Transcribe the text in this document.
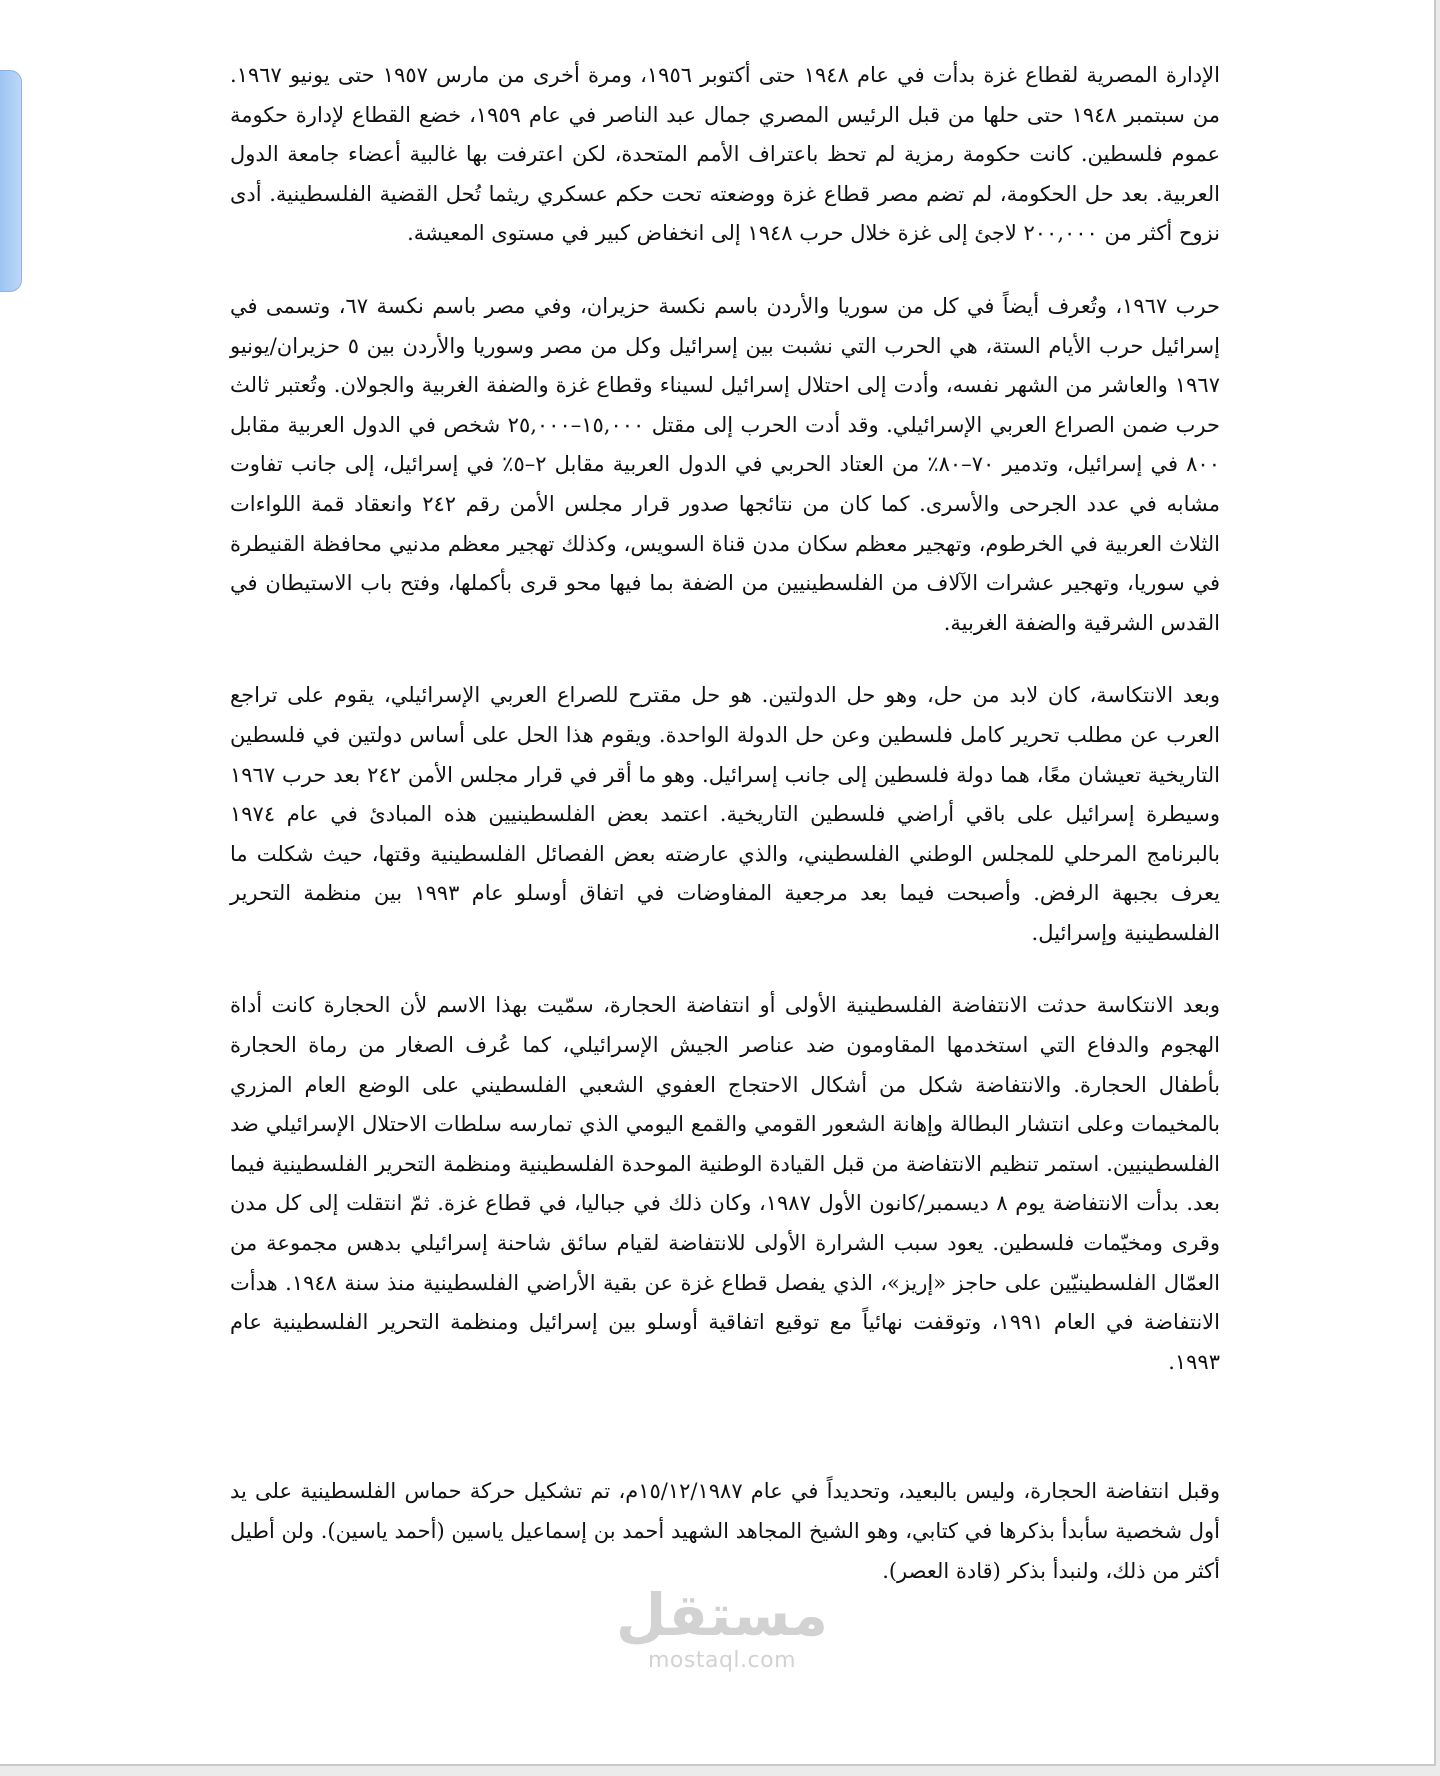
الإدارة المصرية لقطاع غزة بدأت في عام ١٩٤٨ حتى أكتوبر ١٩٥٦، ومرة أخرى من مارس ١٩٥٧ حتى يونيو ١٩٦٧. من سبتمبر ١٩٤٨ حتى حلها من قبل الرئيس المصري جمال عبد الناصر في عام ١٩٥٩، خضع القطاع لإدارة حكومة عموم فلسطين. كانت حكومة رمزية لم تحظ باعتراف الأمم المتحدة، لكن اعترفت بها غالبية أعضاء جامعة الدول العربية. بعد حل الحكومة، لم تضم مصر قطاع غزة ووضعته تحت حكم عسكري ريثما تُحل القضية الفلسطينية. أدى نزوح أكثر من ٢٠٠,٠٠٠ لاجئ إلى غزة خلال حرب ١٩٤٨ إلى انخفاض كبير في مستوى المعيشة.

حرب ١٩٦٧، وتُعرف أيضاً في كل من سوريا والأردن باسم نكسة حزيران، وفي مصر باسم نكسة ٦٧، وتسمى في إسرائيل حرب الأيام الستة، هي الحرب التي نشبت بين إسرائيل وكل من مصر وسوريا والأردن بين ٥ حزيران/يونيو ١٩٦٧ والعاشر من الشهر نفسه، وأدت إلى احتلال إسرائيل لسيناء وقطاع غزة والضفة الغربية والجولان. وتُعتبر ثالث حرب ضمن الصراع العربي الإسرائيلي. وقد أدت الحرب إلى مقتل ١٥,٠٠٠–٢٥,٠٠٠ شخص في الدول العربية مقابل ٨٠٠ في إسرائيل، وتدمير ٧٠–٨٠٪ من العتاد الحربي في الدول العربية مقابل ٢–٥٪ في إسرائيل، إلى جانب تفاوت مشابه في عدد الجرحى والأسرى. كما كان من نتائجها صدور قرار مجلس الأمن رقم ٢٤٢ وانعقاد قمة اللواءات الثلاث العربية في الخرطوم، وتهجير معظم سكان مدن قناة السويس، وكذلك تهجير معظم مدنيي محافظة القنيطرة في سوريا، وتهجير عشرات الآلاف من الفلسطينيين من الضفة بما فيها محو قرى بأكملها، وفتح باب الاستيطان في القدس الشرقية والضفة الغربية.

وبعد الانتكاسة، كان لابد من حل، وهو حل الدولتين. هو حل مقترح للصراع العربي الإسرائيلي، يقوم على تراجع العرب عن مطلب تحرير كامل فلسطين وعن حل الدولة الواحدة. ويقوم هذا الحل على أساس دولتين في فلسطين التاريخية تعيشان معًا، هما دولة فلسطين إلى جانب إسرائيل. وهو ما أقر في قرار مجلس الأمن ٢٤٢ بعد حرب ١٩٦٧ وسيطرة إسرائيل على باقي أراضي فلسطين التاريخية. اعتمد بعض الفلسطينيين هذه المبادئ في عام ١٩٧٤ بالبرنامج المرحلي للمجلس الوطني الفلسطيني، والذي عارضته بعض الفصائل الفلسطينية وقتها، حيث شكلت ما يعرف بجبهة الرفض. وأصبحت فيما بعد مرجعية المفاوضات في اتفاق أوسلو عام ١٩٩٣ بين منظمة التحرير الفلسطينية وإسرائيل.

وبعد الانتكاسة حدثت الانتفاضة الفلسطينية الأولى أو انتفاضة الحجارة، سمّيت بهذا الاسم لأن الحجارة كانت أداة الهجوم والدفاع التي استخدمها المقاومون ضد عناصر الجيش الإسرائيلي، كما عُرف الصغار من رماة الحجارة بأطفال الحجارة. والانتفاضة شكل من أشكال الاحتجاج العفوي الشعبي الفلسطيني على الوضع العام المزري بالمخيمات وعلى انتشار البطالة وإهانة الشعور القومي والقمع اليومي الذي تمارسه سلطات الاحتلال الإسرائيلي ضد الفلسطينيين. استمر تنظيم الانتفاضة من قبل القيادة الوطنية الموحدة الفلسطينية ومنظمة التحرير الفلسطينية فيما بعد. بدأت الانتفاضة يوم ٨ ديسمبر/كانون الأول ١٩٨٧، وكان ذلك في جباليا، في قطاع غزة. ثمّ انتقلت إلى كل مدن وقرى ومخيّمات فلسطين. يعود سبب الشرارة الأولى للانتفاضة لقيام سائق شاحنة إسرائيلي بدهس مجموعة من العمّال الفلسطينيّين على حاجز «إريز»، الذي يفصل قطاع غزة عن بقية الأراضي الفلسطينية منذ سنة ١٩٤٨. هدأت الانتفاضة في العام ١٩٩١، وتوقفت نهائياً مع توقيع اتفاقية أوسلو بين إسرائيل ومنظمة التحرير الفلسطينية عام ١٩٩٣.

وقبل انتفاضة الحجارة، وليس بالبعيد، وتحديداً في عام ١٥/١٢/١٩٨٧م، تم تشكيل حركة حماس الفلسطينية على يد أول شخصية سأبدأ بذكرها في كتابي، وهو الشيخ المجاهد الشهيد أحمد بن إسماعيل ياسين (أحمد ياسين). ولن أطيل أكثر من ذلك، ولنبدأ بذكر (قادة العصر).

مستقل
mostaql.com
